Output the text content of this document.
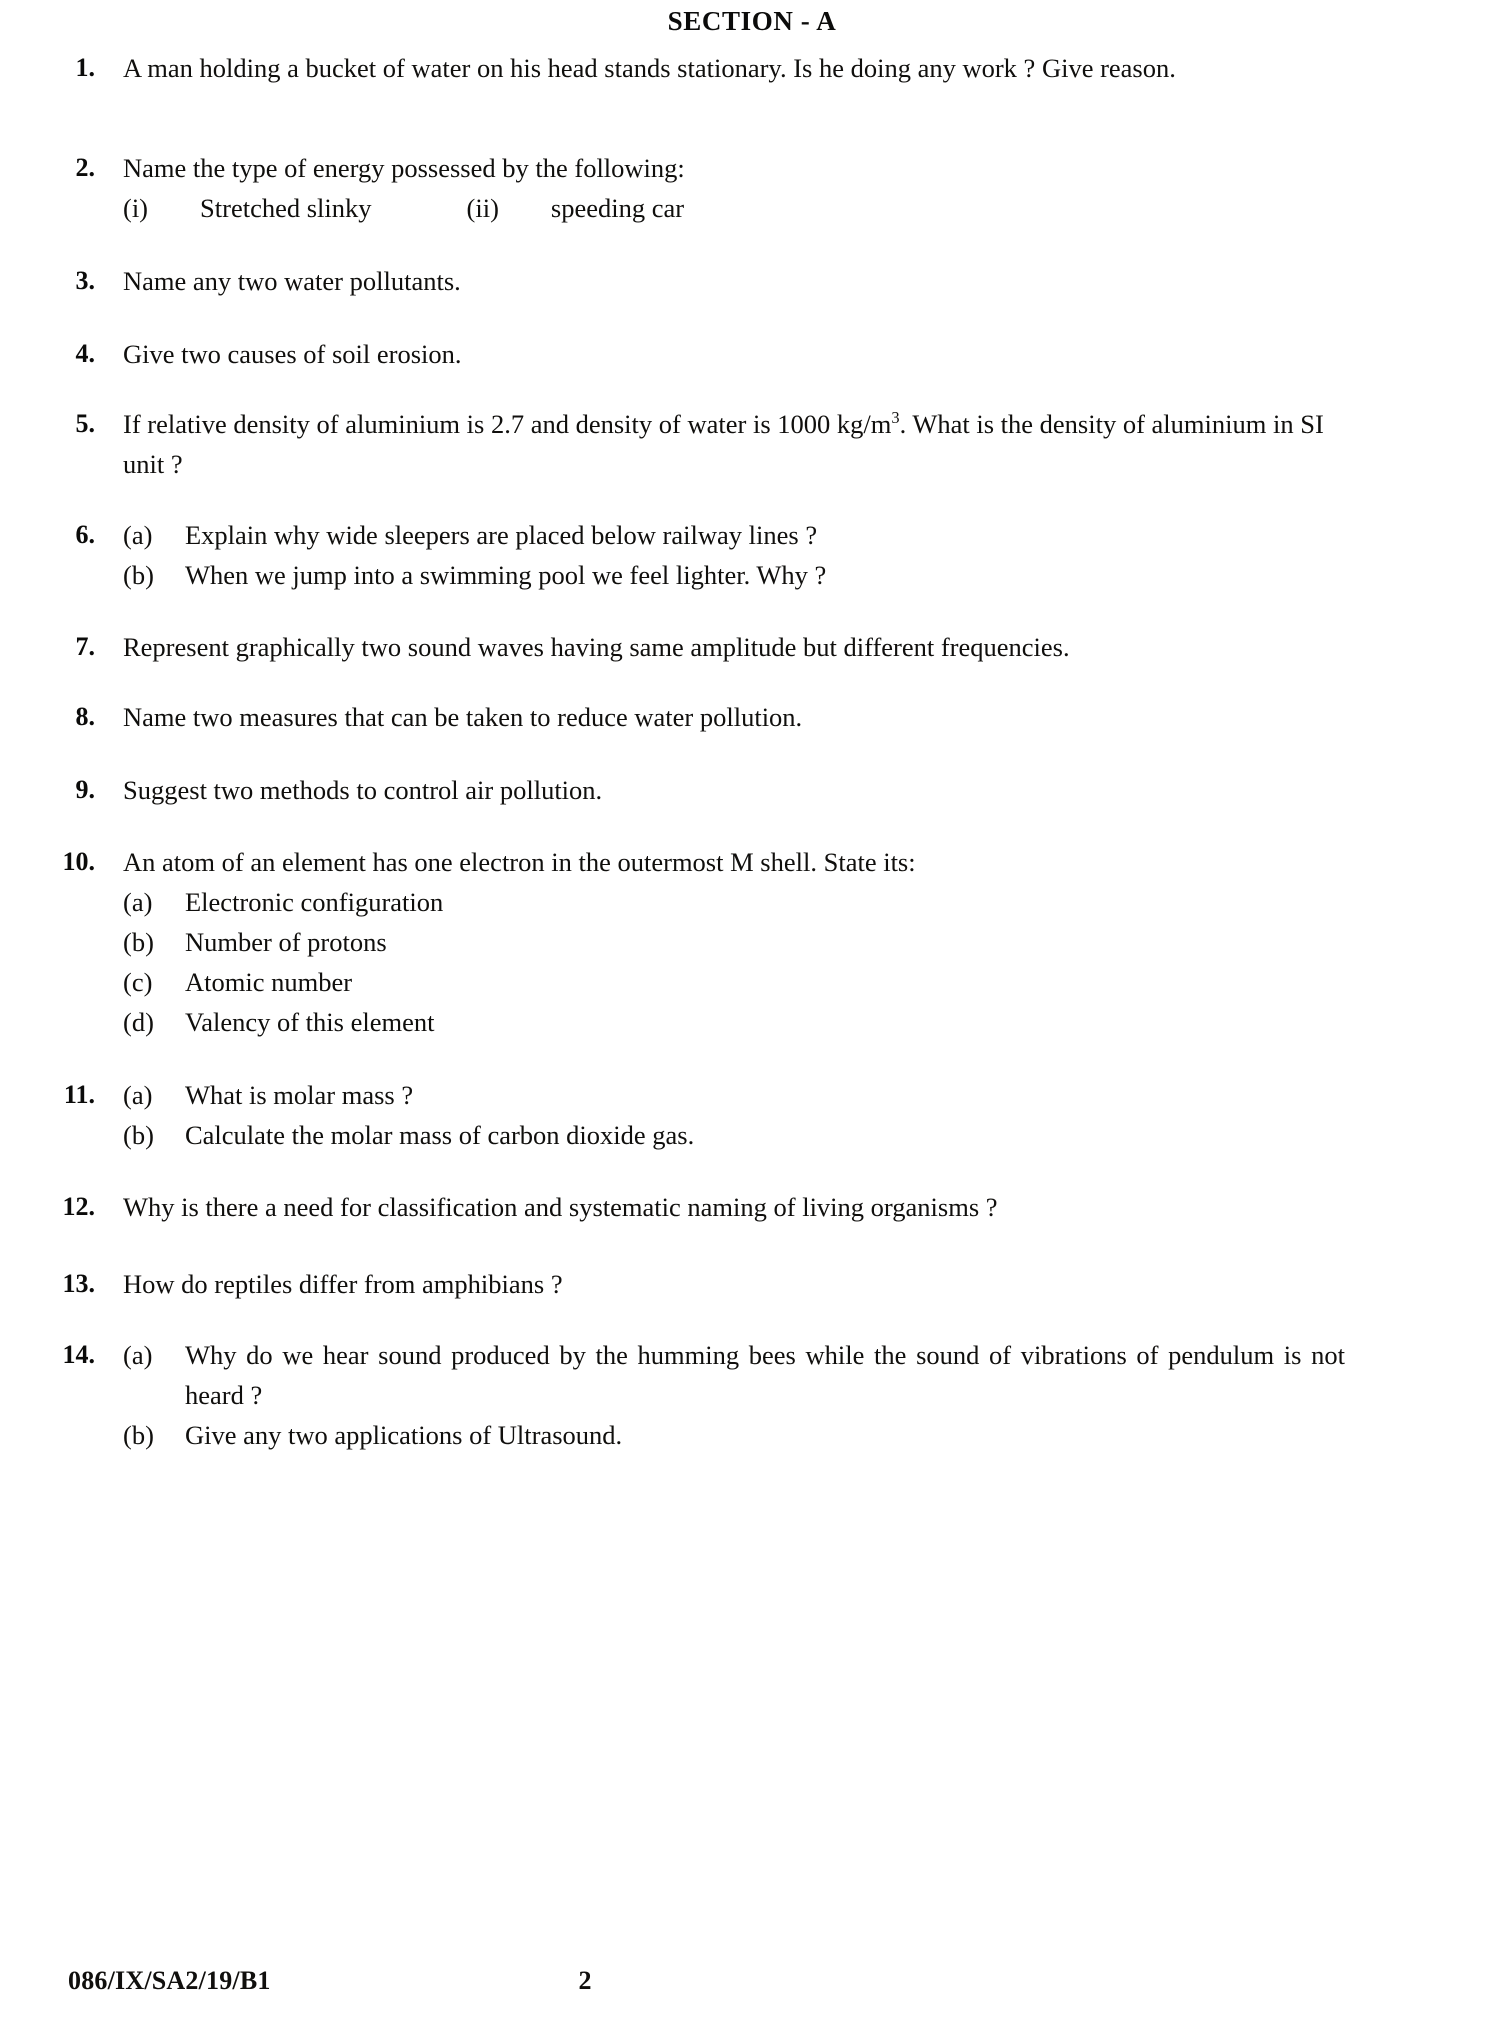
SECTION - A
1. A man holding a bucket of water on his head stands stationary. Is he doing any work ? Give reason.
2. Name the type of energy possessed by the following:
(i) Stretched slinky	(ii) speeding car
3. Name any two water pollutants.
4. Give two causes of soil erosion.
5. If relative density of aluminium is 2.7 and density of water is 1000 $kg/m^3$. What is the density of aluminium in SI unit ?
6. (a)	Explain why wide sleepers are placed below railway lines ?
(b)	When we jump into a swimming pool we feel lighter. Why ?
7. Represent graphically two sound waves having same amplitude but different frequencies.
8. Name two measures that can be taken to reduce water pollution.
9. Suggest two methods to control air pollution.
10. An atom of an element has one electron in the outermost M shell. State its:
(a)	Electronic configuration
(b)	Number of protons
(c)	Atomic number
(d)	Valency of this element
11. (a)	What is molar mass ?
(b)	Calculate the molar mass of carbon dioxide gas.
12. Why is there a need for classification and systematic naming of living organisms ?
13. How do reptiles differ from amphibians ?
14. (a)	Why do we hear sound produced by the humming bees while the sound of vibrations of pendulum is not heard ?
(b)	Give any two applications of Ultrasound.
086/IX/SA2/19/B1	2
